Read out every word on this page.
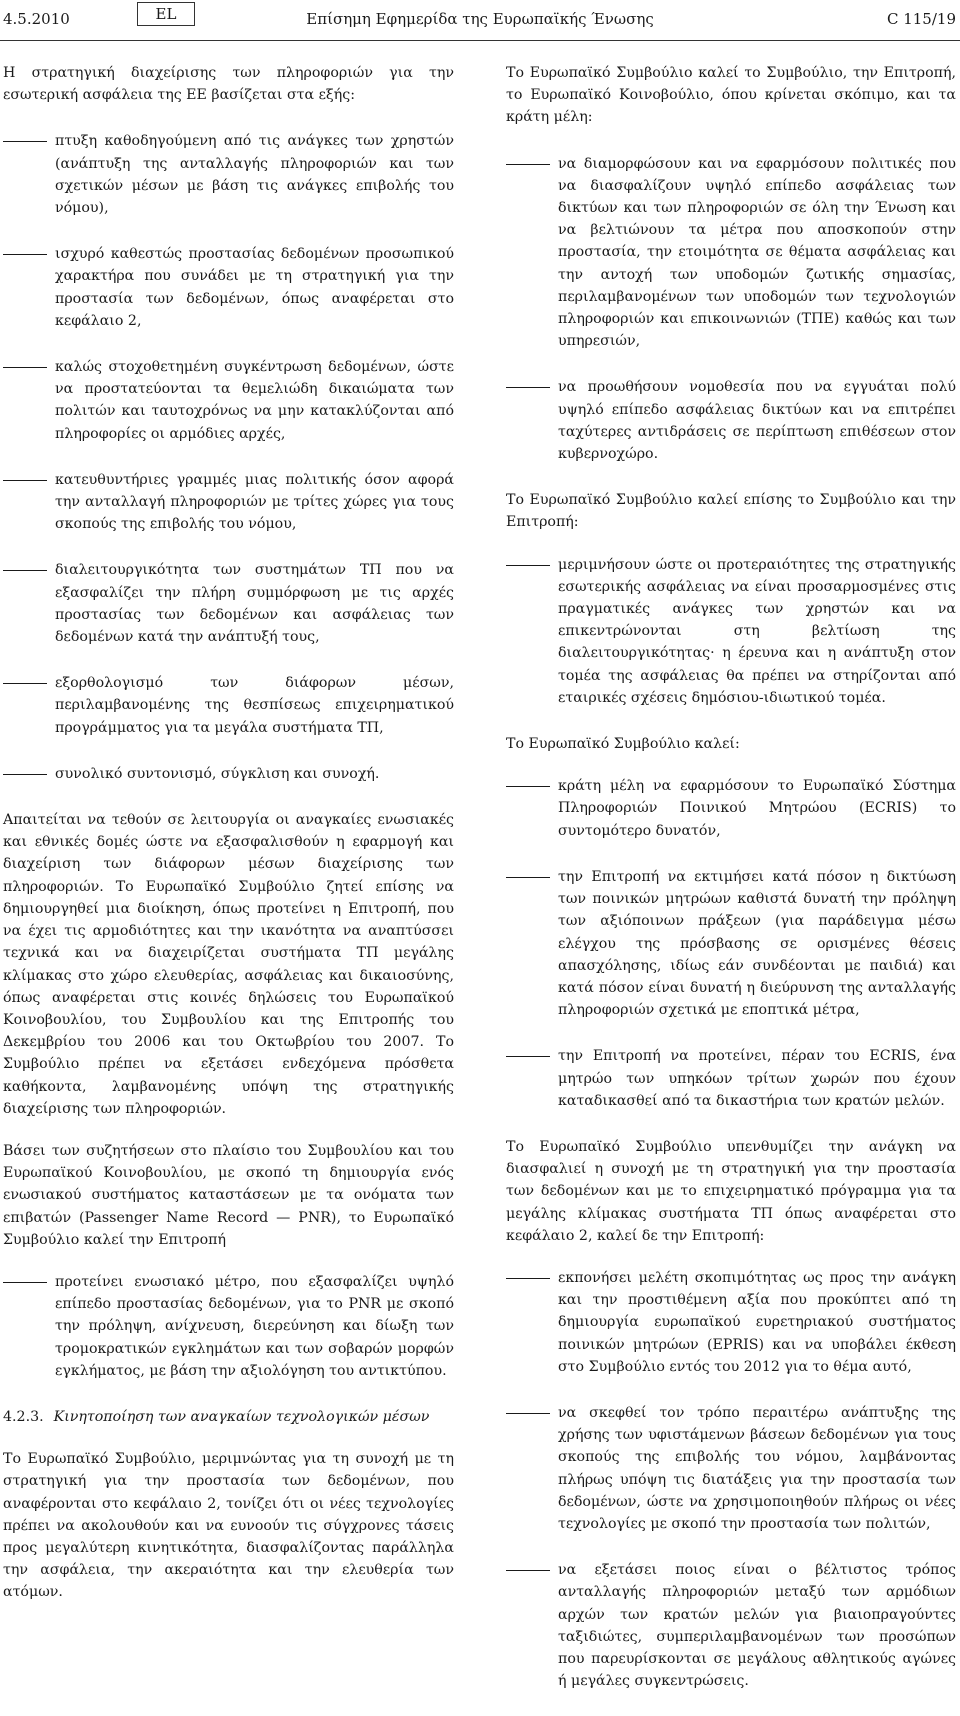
4.5.2010	EL	Επίσημη Εφημερίδα της Ευρωπαϊκής Ένωσης	C 115/19

Η στρατηγική διαχείρισης των πληροφοριών για την εσωτερική ασφάλεια της ΕΕ βασίζεται στα εξής:

πτυξη καθοδηγούμενη από τις ανάγκες των χρηστών (ανάπτυξη της ανταλλαγής πληροφοριών και των σχετικών μέσων με βάση τις ανάγκες επιβολής του νόμου),
ισχυρό καθεστώς προστασίας δεδομένων προσωπικού χαρακτήρα που συνάδει με τη στρατηγική για την προστασία των δεδομένων, όπως αναφέρεται στο κεφάλαιο 2,
καλώς στοχοθετημένη συγκέντρωση δεδομένων, ώστε να προστατεύονται τα θεμελιώδη δικαιώματα των πολιτών και ταυτοχρόνως να μην κατακλύζονται από πληροφορίες οι αρμόδιες αρχές,
κατευθυντήριες γραμμές μιας πολιτικής όσον αφορά την ανταλλαγή πληροφοριών με τρίτες χώρες για τους σκοπούς της επιβολής του νόμου,
διαλειτουργικότητα των συστημάτων ΤΠ που να εξασφαλίζει την πλήρη συμμόρφωση με τις αρχές προστασίας των δεδομένων και ασφάλειας των δεδομένων κατά την ανάπτυξή τους,
εξορθολογισμό των διάφορων μέσων, περιλαμβανομένης της θεσπίσεως επιχειρηματικού προγράμματος για τα μεγάλα συστήματα ΤΠ,
συνολικό συντονισμό, σύγκλιση και συνοχή.

Απαιτείται να τεθούν σε λειτουργία οι αναγκαίες ενωσιακές και εθνικές δομές ώστε να εξασφαλισθούν η εφαρμογή και διαχείριση των διάφορων μέσων διαχείρισης των πληροφοριών. Το Ευρωπαϊκό Συμβούλιο ζητεί επίσης να δημιουργηθεί μια διοίκηση, όπως προτείνει η Επιτροπή, που να έχει τις αρμοδιότητες και την ικανότητα να αναπτύσσει τεχνικά και να διαχειρίζεται συστήματα ΤΠ μεγάλης κλίμακας στο χώρο ελευθερίας, ασφάλειας και δικαιοσύνης, όπως αναφέρεται στις κοινές δηλώσεις του Ευρωπαϊκού Κοινοβουλίου, του Συμβουλίου και της Επιτροπής του Δεκεμβρίου του 2006 και του Οκτωβρίου του 2007. Το Συμβούλιο πρέπει να εξετάσει ενδεχόμενα πρόσθετα καθήκοντα, λαμβανομένης υπόψη της στρατηγικής διαχείρισης των πληροφοριών.

Βάσει των συζητήσεων στο πλαίσιο του Συμβουλίου και του Ευρωπαϊκού Κοινοβουλίου, με σκοπό τη δημιουργία ενός ενωσιακού συστήματος καταστάσεων με τα ονόματα των επιβατών (Passenger Name Record — PNR), το Ευρωπαϊκό Συμβούλιο καλεί την Επιτροπή

προτείνει ενωσιακό μέτρο, που εξασφαλίζει υψηλό επίπεδο προστασίας δεδομένων, για το PNR με σκοπό την πρόληψη, ανίχνευση, διερεύνηση και δίωξη των τρομοκρατικών εγκλημάτων και των σοβαρών μορφών εγκλήματος, με βάση την αξιολόγηση του αντικτύπου.
4.2.3. Κινητοποίηση των αναγκαίων τεχνολογικών μέσων

Το Ευρωπαϊκό Συμβούλιο, μεριμνώντας για τη συνοχή με τη στρατηγική για την προστασία των δεδομένων, που αναφέρονται στο κεφάλαιο 2, τονίζει ότι οι νέες τεχνολογίες πρέπει να ακολουθούν και να ευνοούν τις σύγχρονες τάσεις προς μεγαλύτερη κινητικότητα, διασφαλίζοντας παράλληλα την ασφάλεια, την ακεραιότητα και την ελευθερία των ατόμων.

Το Ευρωπαϊκό Συμβούλιο καλεί το Συμβούλιο, την Επιτροπή, το Ευρωπαϊκό Κοινοβούλιο, όπου κρίνεται σκόπιμο, και τα κράτη μέλη:

να διαμορφώσουν και να εφαρμόσουν πολιτικές που να διασφαλίζουν υψηλό επίπεδο ασφάλειας των δικτύων και των πληροφοριών σε όλη την Ένωση και να βελτιώνουν τα μέτρα που αποσκοπούν στην προστασία, την ετοιμότητα σε θέματα ασφάλειας και την αντοχή των υποδομών ζωτικής σημασίας, περιλαμβανομένων των υποδομών των τεχνολογιών πληροφοριών και επικοινωνιών (ΤΠΕ) καθώς και των υπηρεσιών,
να προωθήσουν νομοθεσία που να εγγυάται πολύ υψηλό επίπεδο ασφάλειας δικτύων και να επιτρέπει ταχύτερες αντιδράσεις σε περίπτωση επιθέσεων στον κυβερνοχώρο.

Το Ευρωπαϊκό Συμβούλιο καλεί επίσης το Συμβούλιο και την Επιτροπή:

μεριμνήσουν ώστε οι προτεραιότητες της στρατηγικής εσωτερικής ασφάλειας να είναι προσαρμοσμένες στις πραγματικές ανάγκες των χρηστών και να επικεντρώνονται στη βελτίωση της διαλειτουργικότητας· η έρευνα και η ανάπτυξη στον τομέα της ασφάλειας θα πρέπει να στηρίζονται από εταιρικές σχέσεις δημόσιου-ιδιωτικού τομέα.

Το Ευρωπαϊκό Συμβούλιο καλεί:

κράτη μέλη να εφαρμόσουν το Ευρωπαϊκό Σύστημα Πληροφοριών Ποινικού Μητρώου (ECRIS) το συντομότερο δυνατόν,
την Επιτροπή να εκτιμήσει κατά πόσον η δικτύωση των ποινικών μητρώων καθιστά δυνατή την πρόληψη των αξιόποινων πράξεων (για παράδειγμα μέσω ελέγχου της πρόσβασης σε ορισμένες θέσεις απασχόλησης, ιδίως εάν συνδέονται με παιδιά) και κατά πόσον είναι δυνατή η διεύρυνση της ανταλλαγής πληροφοριών σχετικά με εποπτικά μέτρα,
την Επιτροπή να προτείνει, πέραν του ECRIS, ένα μητρώο των υπηκόων τρίτων χωρών που έχουν καταδικασθεί από τα δικαστήρια των κρατών μελών.

Το Ευρωπαϊκό Συμβούλιο υπενθυμίζει την ανάγκη να διασφαλιεί η συνοχή με τη στρατηγική για την προστασία των δεδομένων και με το επιχειρηματικό πρόγραμμα για τα μεγάλης κλίμακας συστήματα ΤΠ όπως αναφέρεται στο κεφάλαιο 2, καλεί δε την Επιτροπή:

εκπονήσει μελέτη σκοπιμότητας ως προς την ανάγκη και την προστιθέμενη αξία που προκύπτει από τη δημιουργία ευρωπαϊκού ευρετηριακού συστήματος ποινικών μητρώων (EPRIS) και να υποβάλει έκθεση στο Συμβούλιο εντός του 2012 για το θέμα αυτό,
να σκεφθεί τον τρόπο περαιτέρω ανάπτυξης της χρήσης των υφιστάμενων βάσεων δεδομένων για τους σκοπούς της επιβολής του νόμου, λαμβάνοντας πλήρως υπόψη τις διατάξεις για την προστασία των δεδομένων, ώστε να χρησιμοποιηθούν πλήρως οι νέες τεχνολογίες με σκοπό την προστασία των πολιτών,
να εξετάσει ποιος είναι ο βέλτιστος τρόπος ανταλλαγής πληροφοριών μεταξύ των αρμόδιων αρχών των κρατών μελών για βιαιοπραγούντες ταξιδιώτες, συμπεριλαμβανομένων των προσώπων που παρευρίσκονται σε μεγάλους αθλητικούς αγώνες ή μεγάλες συγκεντρώσεις.
